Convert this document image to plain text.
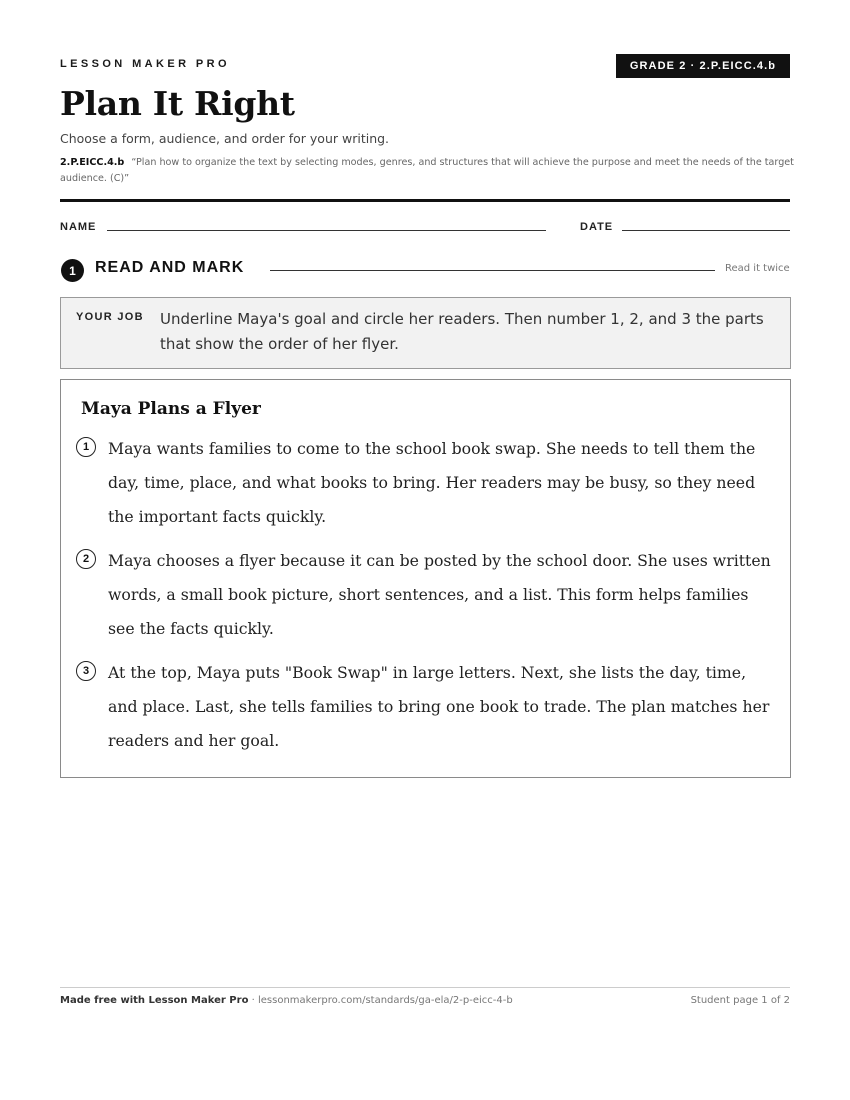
LESSON MAKER PRO	GRADE 2 · 2.P.EICC.4.b
Plan It Right
Choose a form, audience, and order for your writing.
2.P.EICC.4.b “Plan how to organize the text by selecting modes, genres, and structures that will achieve the purpose and meet the needs of the target audience. (C)”
NAME	DATE
1	READ AND MARK	Read it twice
YOUR JOB Underline Maya's goal and circle her readers. Then number 1, 2, and 3 the parts that show the order of her flyer.
Maya Plans a Flyer
1	Maya wants families to come to the school book swap. She needs to tell them the day, time, place, and what books to bring. Her readers may be busy, so they need the important facts quickly.
2	Maya chooses a flyer because it can be posted by the school door. She uses written words, a small book picture, short sentences, and a list. This form helps families see the facts quickly.
3	At the top, Maya puts "Book Swap" in large letters. Next, she lists the day, time, and place. Last, she tells families to bring one book to trade. The plan matches her readers and her goal.
Made free with Lesson Maker Pro · lessonmakerpro.com/standards/ga-ela/2-p-eicc-4-b	Student page 1 of 2
